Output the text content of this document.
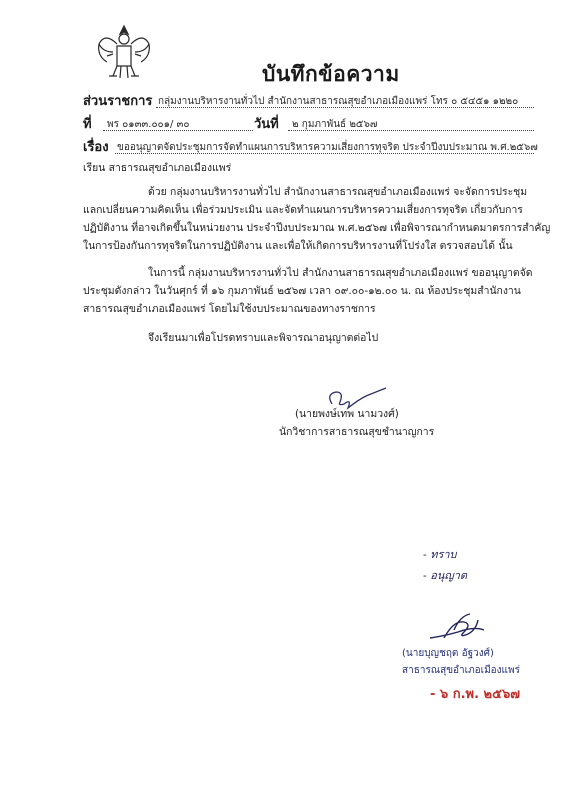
บันทึกข้อความ
ส่วนราชการ กลุ่มงานบริหารงานทั่วไป สำนักงานสาธารณสุขอำเภอเมืองแพร่ โทร ๐ ๕๔๕๑ ๑๒๒๐
ที่ พร ๐๑๓๓.๐๐๑/ ๓๐	วันที่ ๒ กุมภาพันธ์ ๒๕๖๗
เรื่อง ขออนุญาตจัดประชุมการจัดทำแผนการบริหารความเสี่ยงการทุจริต ประจำปีงบประมาณ พ.ศ.๒๕๖๗
เรียน สาธารณสุขอำเภอเมืองแพร่
ด้วย กลุ่มงานบริหารงานทั่วไป สำนักงานสาธารณสุขอำเภอเมืองแพร่ จะจัดการประชุม
แลกเปลี่ยนความคิดเห็น เพื่อร่วมประเมิน และจัดทำแผนการบริหารความเสี่ยงการทุจริต เกี่ยวกับการ
ปฏิบัติงาน ที่อาจเกิดขึ้นในหน่วยงาน ประจำปีงบประมาณ พ.ศ.๒๕๖๗ เพื่อพิจารณากำหนดมาตรการสำคัญ
ในการป้องกันการทุจริตในการปฏิบัติงาน และเพื่อให้เกิดการบริหารงานที่โปร่งใส ตรวจสอบได้ นั้น
ในการนี้ กลุ่มงานบริหารงานทั่วไป สำนักงานสาธารณสุขอำเภอเมืองแพร่ ขออนุญาตจัด
ประชุมดังกล่าว ในวันศุกร์ ที่ ๑๖ กุมภาพันธ์ ๒๕๖๗ เวลา ๐๙.๐๐-๑๒.๐๐ น. ณ ห้องประชุมสำนักงาน
สาธารณสุขอำเภอเมืองแพร่ โดยไม่ใช้งบประมาณของทางราชการ
จึงเรียนมาเพื่อโปรดทราบและพิจารณาอนุญาตต่อไป
(นายพงษ์เทพ นามวงศ์)
นักวิชาการสาธารณสุขชำนาญการ
- ทราบ
- อนุญาต
(นายบุญชฤต อัฐวงศ์)
สาธารณสุขอำเภอเมืองแพร่
- ๖ ก.พ. ๒๕๖๗
